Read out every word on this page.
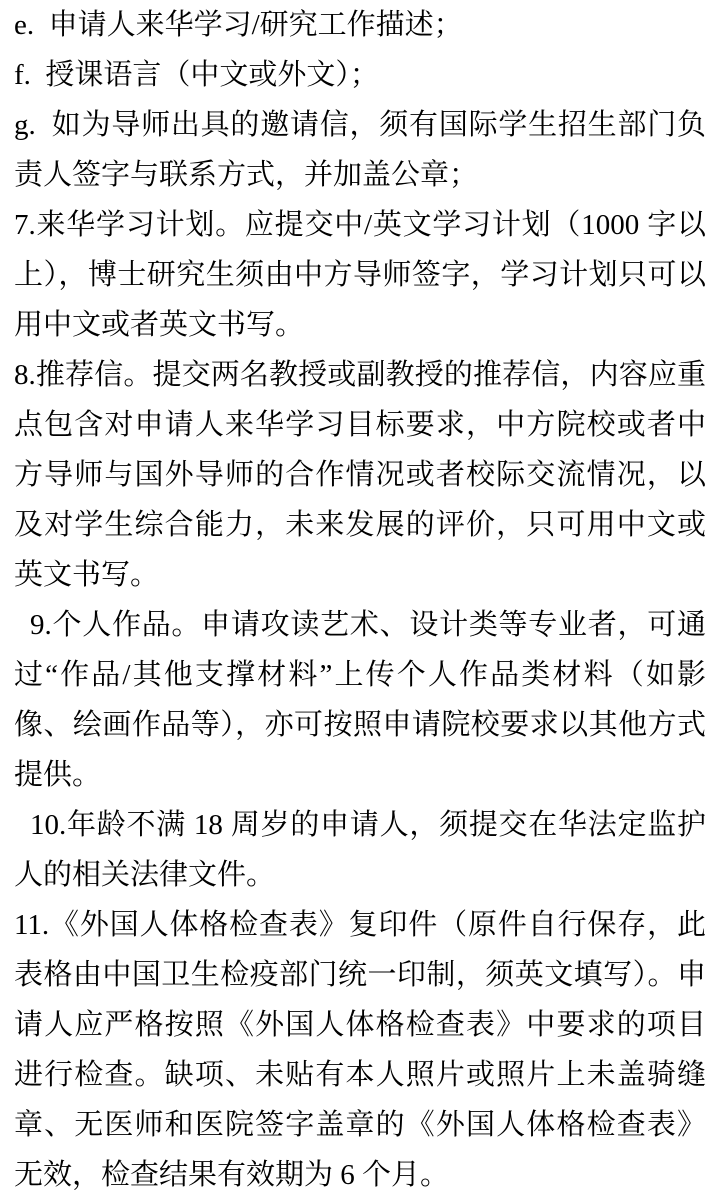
e.  申请人来华学习/研究工作描述；

f.  授课语言（中文或外文）；

g.  如为导师出具的邀请信，须有国际学生招生部门负责人签字与联系方式，并加盖公章；

7.来华学习计划。应提交中/英文学习计划（1000 字以上），博士研究生须由中方导师签字，学习计划只可以用中文或者英文书写。

8.推荐信。提交两名教授或副教授的推荐信，内容应重点包含对申请人来华学习目标要求，中方院校或者中方导师与国外导师的合作情况或者校际交流情况，以及对学生综合能力，未来发展的评价，只可用中文或英文书写。

9.个人作品。申请攻读艺术、设计类等专业者，可通过“作品/其他支撑材料”上传个人作品类材料（如影像、绘画作品等），亦可按照申请院校要求以其他方式提供。

10.年龄不满 18 周岁的申请人，须提交在华法定监护人的相关法律文件。

11.《外国人体格检查表》复印件（原件自行保存，此表格由中国卫生检疫部门统一印制，须英文填写）。申请人应严格按照《外国人体格检查表》中要求的项目进行检查。缺项、未贴有本人照片或照片上未盖骑缝章、无医师和医院签字盖章的《外国人体格检查表》无效，检查结果有效期为 6 个月。
